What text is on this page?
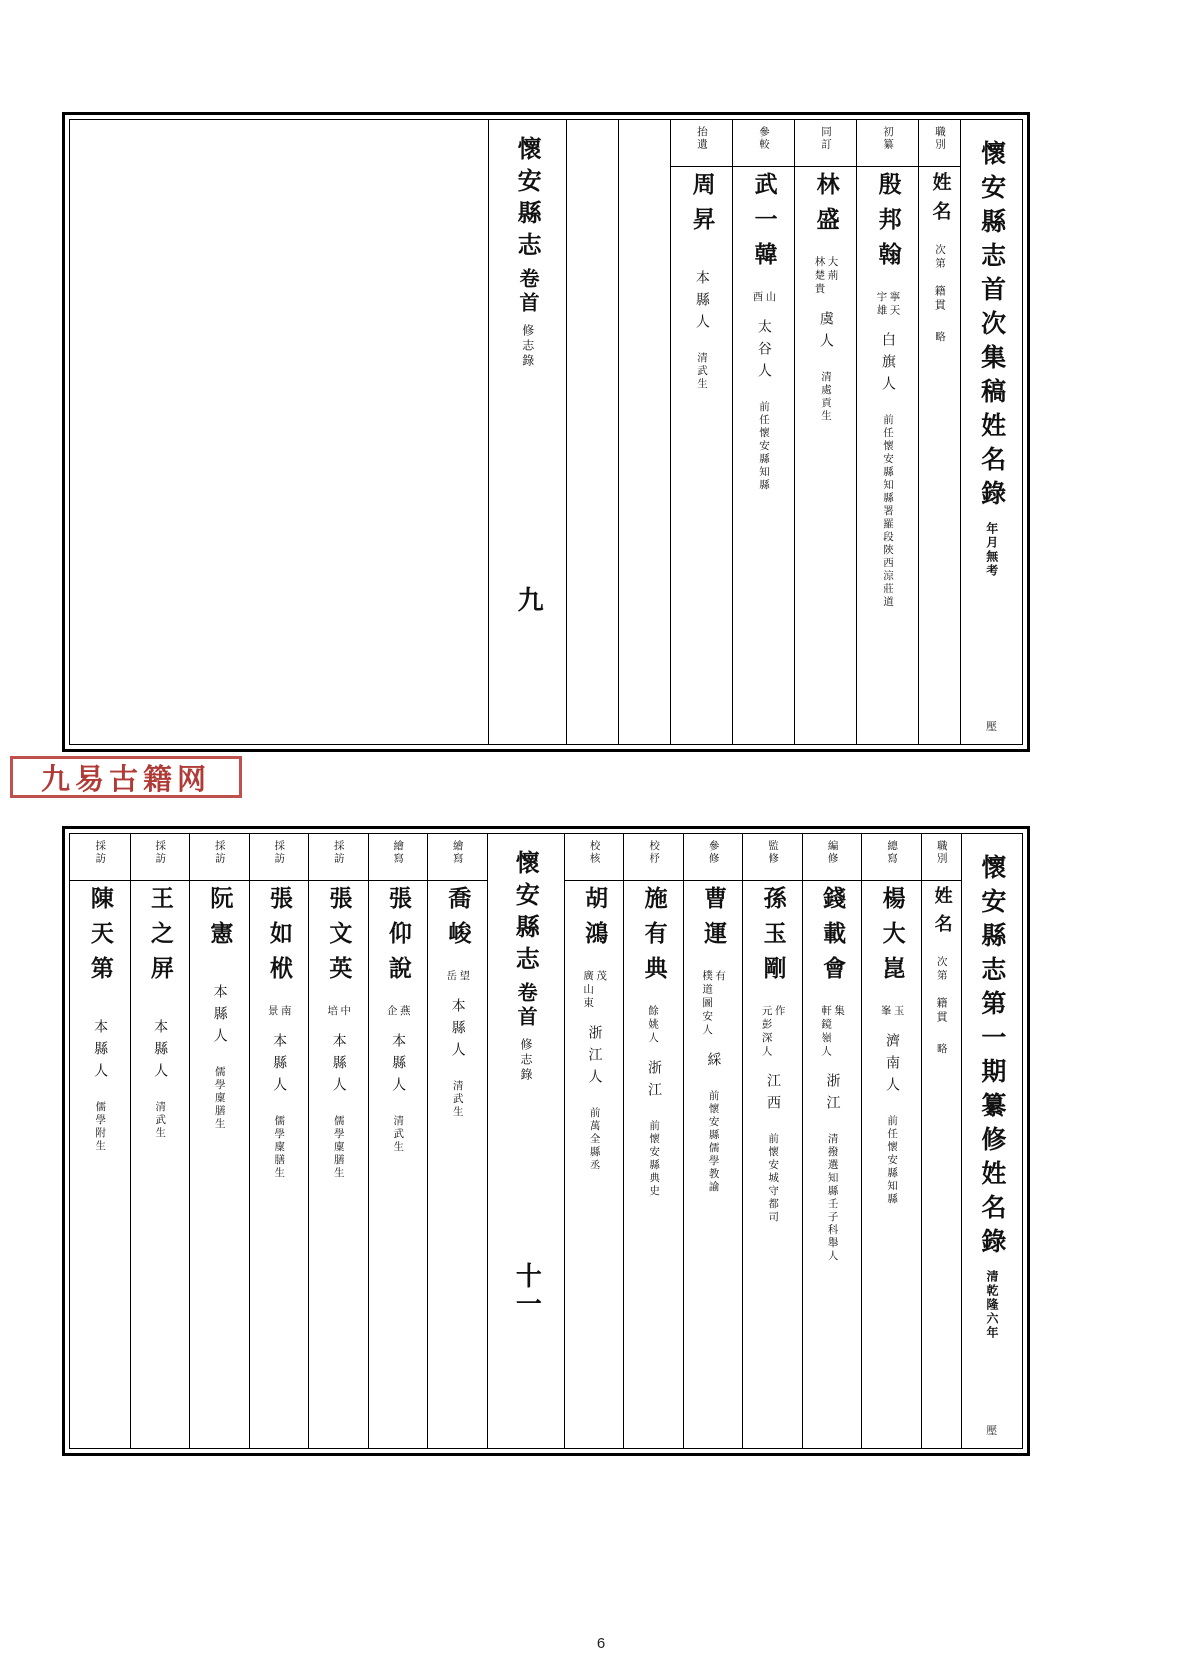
懷安縣志首次集稿姓名錄
年月無考
壓
職別
姓名
次第
籍貫
略
初纂
殷邦翰
寧天
宇雄
白旗人
前任懷安縣知縣署羅段陝西涼莊道
同訂
林盛
大荊
林楚貴
虞人
清處貢生
參較
武一韓
山
酉
太谷人
前任懷安縣知縣
抬遺
周昇
本縣人
清武生
懷安縣志
卷首
修志錄
九
九易古籍网
懷安縣志第一期纂修姓名錄
清乾隆六年
壓
職別
姓名
次第
籍貫
略
總寫
楊大崑
玉
峯
濟南人
前任懷安縣知縣
編修
錢載會
集
軒鏡嶺人
浙江
清撥選知縣壬子科舉人
監修
孫玉剛
作
元彭深人
江西
前懷安城守都司
參修
曹運
有
樸道圖安人
綵
前懷安縣儒學教諭
校杼
施有典
餘姚人
浙江
前懷安縣典史
校核
胡鴻
茂
廣山東
浙江人
前萬全縣丞
懷安縣志
卷首
修志錄
十一
繪寫
喬峻
望
岳
本縣人
清武生
繪寫
張仰說
燕
企
本縣人
清武生
採訪
張文英
中
培
本縣人
儒學廩膳生
採訪
張如栿
南
景
本縣人
儒學廩膳生
採訪
阮憲
本縣人
儒學廩膳生
採訪
王之屏
本縣人
清武生
採訪
陳天第
本縣人
儒學附生
6
